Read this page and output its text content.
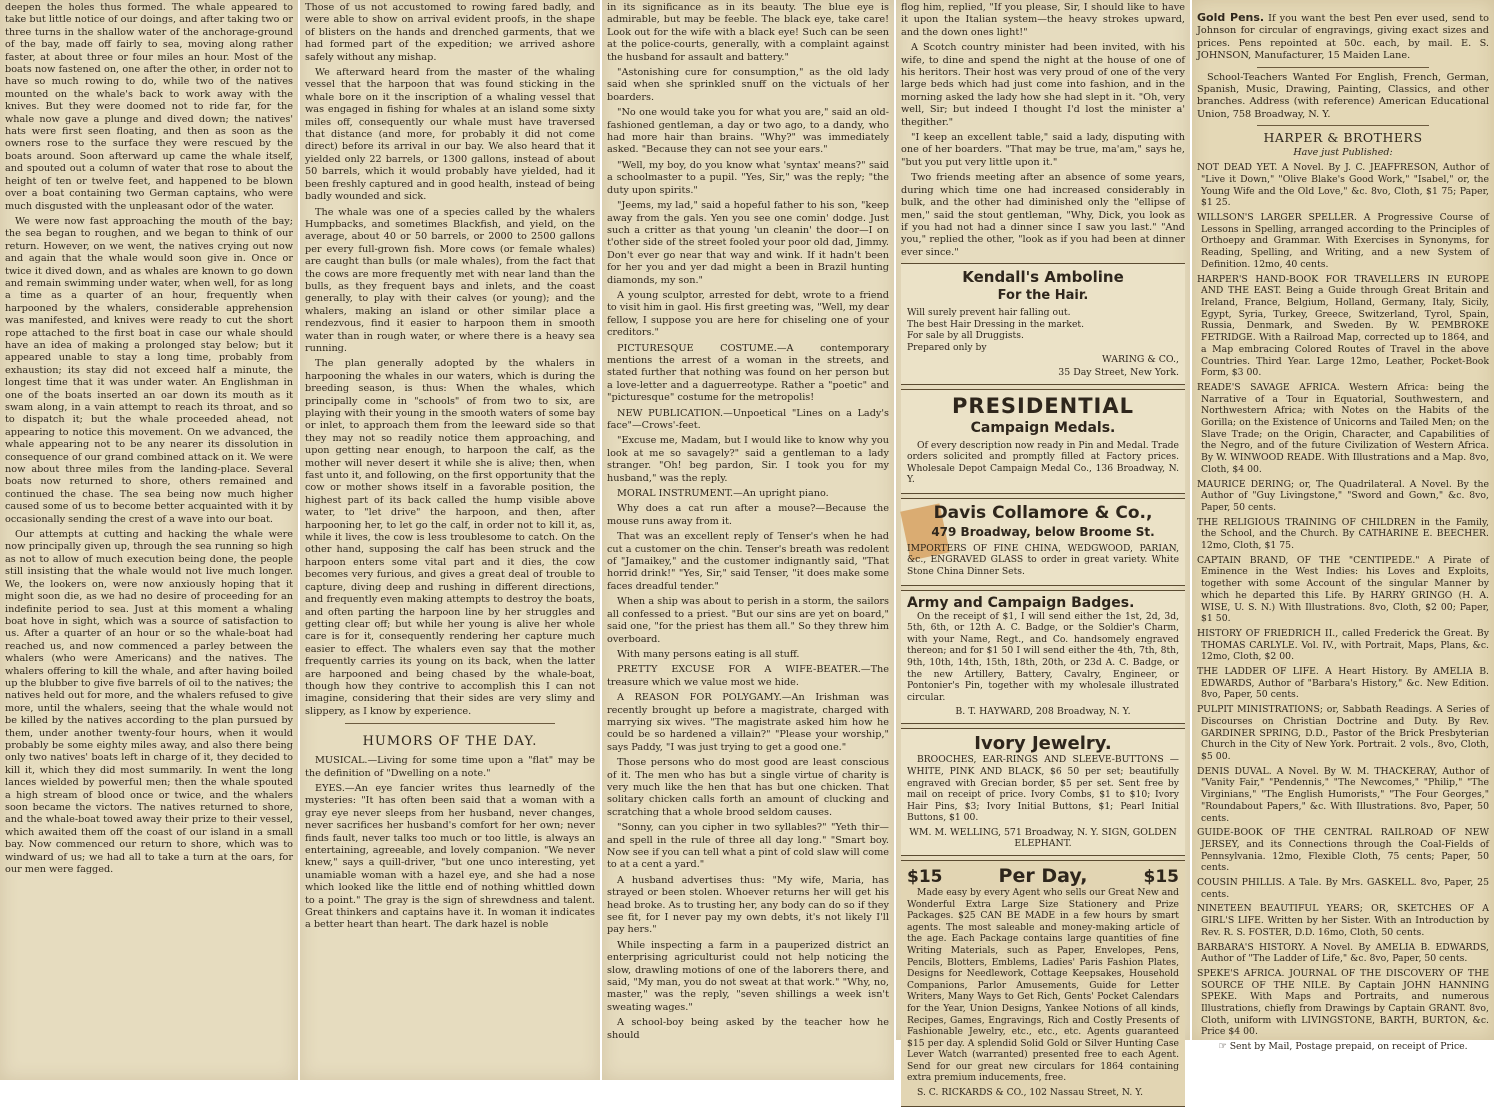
deepen the holes thus formed. The whale appeared to take but little notice of our doings, and after taking two or three turns in the shallow water of the anchorage-ground of the bay, made off fairly to sea, moving along rather faster, at about three or four miles an hour. Most of the boats now fastened on, one after the other, in order not to have so much rowing to do, while two of the natives mounted on the whale's back to work away with the knives. But they were doomed not to ride far, for the whale now gave a plunge and dived down; the natives' hats were first seen floating, and then as soon as the owners rose to the surface they were rescued by the boats around. Soon afterward up came the whale itself, and spouted out a column of water that rose to about the height of ten or twelve feet, and happened to be blown over a boat containing two German captains, who were much disgusted with the unpleasant odor of the water.

We were now fast approaching the mouth of the bay; the sea began to roughen, and we began to think of our return. However, on we went, the natives crying out now and again that the whale would soon give in. Once or twice it dived down, and as whales are known to go down and remain swimming under water, when well, for as long a time as a quarter of an hour, frequently when harpooned by the whalers, considerable apprehension was manifested, and knives were ready to cut the short rope attached to the first boat in case our whale should have an idea of making a prolonged stay below; but it appeared unable to stay a long time, probably from exhaustion; its stay did not exceed half a minute, the longest time that it was under water. An Englishman in one of the boats inserted an oar down its mouth as it swam along, in a vain attempt to reach its throat, and so to dispatch it; but the whale proceeded ahead, not appearing to notice this movement. On we advanced, the whale appearing not to be any nearer its dissolution in consequence of our grand combined attack on it. We were now about three miles from the landing-place. Several boats now returned to shore, others remained and continued the chase. The sea being now much higher caused some of us to become better acquainted with it by occasionally sending the crest of a wave into our boat.

Our attempts at cutting and hacking the whale were now principally given up, through the sea running so high as not to allow of much execution being done, the people still insisting that the whale would not live much longer. We, the lookers on, were now anxiously hoping that it might soon die, as we had no desire of proceeding for an indefinite period to sea. Just at this moment a whaling boat hove in sight, which was a source of satisfaction to us. After a quarter of an hour or so the whale-boat had reached us, and now commenced a parley between the whalers (who were Americans) and the natives. The whalers offering to kill the whale, and after having boiled up the blubber to give five barrels of oil to the natives; the natives held out for more, and the whalers refused to give more, until the whalers, seeing that the whale would not be killed by the natives according to the plan pursued by them, under another twenty-four hours, when it would probably be some eighty miles away, and also there being only two natives' boats left in charge of it, they decided to kill it, which they did most summarily. In went the long lances wielded by powerful men; then the whale spouted a high stream of blood once or twice, and the whalers soon became the victors. The natives returned to shore, and the whale-boat towed away their prize to their vessel, which awaited them off the coast of our island in a small bay. Now commenced our return to shore, which was to windward of us; we had all to take a turn at the oars, for our men were fagged.

Those of us not accustomed to rowing fared badly, and were able to show on arrival evident proofs, in the shape of blisters on the hands and drenched garments, that we had formed part of the expedition; we arrived ashore safely without any mishap.

We afterward heard from the master of the whaling vessel that the harpoon that was found sticking in the whale bore on it the inscription of a whaling vessel that was engaged in fishing for whales at an island some sixty miles off, consequently our whale must have traversed that distance (and more, for probably it did not come direct) before its arrival in our bay. We also heard that it yielded only 22 barrels, or 1300 gallons, instead of about 50 barrels, which it would probably have yielded, had it been freshly captured and in good health, instead of being badly wounded and sick.

The whale was one of a species called by the whalers Humpbacks, and sometimes Blackfish, and yield, on the average, about 40 or 50 barrels, or 2000 to 2500 gallons per every full-grown fish. More cows (or female whales) are caught than bulls (or male whales), from the fact that the cows are more frequently met with near land than the bulls, as they frequent bays and inlets, and the coast generally, to play with their calves (or young); and the whalers, making an island or other similar place a rendezvous, find it easier to harpoon them in smooth water than in rough water, or where there is a heavy sea running.

The plan generally adopted by the whalers in harpooning the whales in our waters, which is during the breeding season, is thus: When the whales, which principally come in "schools" of from two to six, are playing with their young in the smooth waters of some bay or inlet, to approach them from the leeward side so that they may not so readily notice them approaching, and upon getting near enough, to harpoon the calf, as the mother will never desert it while she is alive; then, when fast unto it, and following, on the first opportunity that the cow or mother shows itself in a favorable position, the highest part of its back called the hump visible above water, to "let drive" the harpoon, and then, after harpooning her, to let go the calf, in order not to kill it, as, while it lives, the cow is less troublesome to catch. On the other hand, supposing the calf has been struck and the harpoon enters some vital part and it dies, the cow becomes very furious, and gives a great deal of trouble to capture, diving deep and rushing in different directions, and frequently even making attempts to destroy the boats, and often parting the harpoon line by her struggles and getting clear off; but while her young is alive her whole care is for it, consequently rendering her capture much easier to effect. The whalers even say that the mother frequently carries its young on its back, when the latter are harpooned and being chased by the whale-boat, though how they contrive to accomplish this I can not imagine, considering that their sides are very slimy and slippery, as I know by experience.

HUMORS OF THE DAY.

MUSICAL.—Living for some time upon a "flat" may be the definition of "Dwelling on a note."

EYES.—An eye fancier writes thus learnedly of the mysteries: "It has often been said that a woman with a gray eye never sleeps from her husband, never changes, never sacrifices her husband's comfort for her own; never finds fault, never talks too much or too little, is always an entertaining, agreeable, and lovely companion. "We never knew," says a quill-driver, "but one unco interesting, yet unamiable woman with a hazel eye, and she had a nose which looked like the little end of nothing whittled down to a point." The gray is the sign of shrewdness and talent. Great thinkers and captains have it. In woman it indicates a better heart than heart. The dark hazel is noble

in its significance as in its beauty. The blue eye is admirable, but may be feeble. The black eye, take care! Look out for the wife with a black eye! Such can be seen at the police-courts, generally, with a complaint against the husband for assault and battery."

"Astonishing cure for consumption," as the old lady said when she sprinkled snuff on the victuals of her boarders.

"No one would take you for what you are," said an old-fashioned gentleman, a day or two ago, to a dandy, who had more hair than brains. "Why?" was immediately asked. "Because they can not see your ears."

"Well, my boy, do you know what 'syntax' means?" said a schoolmaster to a pupil. "Yes, Sir," was the reply; "the duty upon spirits."

"Jeems, my lad," said a hopeful father to his son, "keep away from the gals. Yen you see one comin' dodge. Just such a critter as that young 'un cleanin' the door—I on t'other side of the street fooled your poor old dad, Jimmy. Don't ever go near that way and wink. If it hadn't been for her you and yer dad might a been in Brazil hunting diamonds, my son."

A young sculptor, arrested for debt, wrote to a friend to visit him in gaol. His first greeting was, "Well, my dear fellow, I suppose you are here for chiseling one of your creditors."

PICTURESQUE COSTUME.—A contemporary mentions the arrest of a woman in the streets, and stated further that nothing was found on her person but a love-letter and a daguerreotype. Rather a "poetic" and "picturesque" costume for the metropolis!

NEW PUBLICATION.—Unpoetical "Lines on a Lady's face"—Crows'-feet.

"Excuse me, Madam, but I would like to know why you look at me so savagely?" said a gentleman to a lady stranger. "Oh! beg pardon, Sir. I took you for my husband," was the reply.

MORAL INSTRUMENT.—An upright piano.

Why does a cat run after a mouse?—Because the mouse runs away from it.

That was an excellent reply of Tenser's when he had cut a customer on the chin. Tenser's breath was redolent of "Jamaikey," and the customer indignantly said, "That horrid drink!" "Yes, Sir," said Tenser, "it does make some faces dreadful tender."

When a ship was about to perish in a storm, the sailors all confessed to a priest. "But our sins are yet on board," said one, "for the priest has them all." So they threw him overboard.

With many persons eating is all stuff.

PRETTY EXCUSE FOR A WIFE-BEATER.—The treasure which we value most we hide.

A REASON FOR POLYGAMY.—An Irishman was recently brought up before a magistrate, charged with marrying six wives. "The magistrate asked him how he could be so hardened a villain?" "Please your worship," says Paddy, "I was just trying to get a good one."

Those persons who do most good are least conscious of it. The men who has but a single virtue of charity is very much like the hen that has but one chicken. That solitary chicken calls forth an amount of clucking and scratching that a whole brood seldom causes.

"Sonny, can you cipher in two syllables?" "Yeth thir—and spell in the rule of three all day long." "Smart boy. Now see if you can tell what a pint of cold slaw will come to at a cent a yard."

A husband advertises thus: "My wife, Maria, has strayed or been stolen. Whoever returns her will get his head broke. As to trusting her, any body can do so if they see fit, for I never pay my own debts, it's not likely I'll pay hers."

While inspecting a farm in a pauperized district an enterprising agriculturist could not help noticing the slow, drawling motions of one of the laborers there, and said, "My man, you do not sweat at that work." "Why, no, master," was the reply, "seven shillings a week isn't sweating wages."

A school-boy being asked by the teacher how he should

flog him, replied, "If you please, Sir, I should like to have it upon the Italian system—the heavy strokes upward, and the down ones light!"

A Scotch country minister had been invited, with his wife, to dine and spend the night at the house of one of his heritors. Their host was very proud of one of the very large beds which had just come into fashion, and in the morning asked the lady how she had slept in it. "Oh, very well, Sir; but indeed I thought I'd lost the minister a' thegither."

"I keep an excellent table," said a lady, disputing with one of her boarders. "That may be true, ma'am," says he, "but you put very little upon it."

Two friends meeting after an absence of some years, during which time one had increased considerably in bulk, and the other had diminished only the "ellipse of men," said the stout gentleman, "Why, Dick, you look as if you had not had a dinner since I saw you last." "And you," replied the other, "look as if you had been at dinner ever since."

Kendall's Amboline
For the Hair.

Will surely prevent hair falling out.

The best Hair Dressing in the market.

For sale by all Druggists.

Prepared only by

WARING & CO.,
35 Day Street, New York.
PRESIDENTIAL
Campaign Medals.

Of every description now ready in Pin and Medal. Trade orders solicited and promptly filled at Factory prices. Wholesale Depot Campaign Medal Co., 136 Broadway, N. Y.

Davis Collamore & Co.,
479 Broadway, below Broome St.

IMPORTERS OF FINE CHINA, WEDGWOOD, PARIAN, &c., ENGRAVED GLASS to order in great variety. White Stone China Dinner Sets.

Army and Campaign Badges.

On the receipt of $1, I will send either the 1st, 2d, 3d, 5th, 6th, or 12th A. C. Badge, or the Soldier's Charm, with your Name, Regt., and Co. handsomely engraved thereon; and for $1 50 I will send either the 4th, 7th, 8th, 9th, 10th, 14th, 15th, 18th, 20th, or 23d A. C. Badge, or the new Artillery, Battery, Cavalry, Engineer, or Pontonier's Pin, together with my wholesale illustrated circular.

B. T. HAYWARD, 208 Broadway, N. Y.
Ivory Jewelry.

BROOCHES, EAR-RINGS AND SLEEVE-BUTTONS —WHITE, PINK AND BLACK, $6 50 per set; beautifully engraved with Grecian border, $5 per set. Sent free by mail on receipt of price. Ivory Combs, $1 to $10; Ivory Hair Pins, $3; Ivory Initial Buttons, $1; Pearl Initial Buttons, $1 00.

WM. M. WELLING, 571 Broadway, N. Y. SIGN, GOLDEN ELEPHANT.
$15	Per Day,	$15

Made easy by every Agent who sells our Great New and Wonderful Extra Large Size Stationery and Prize Packages. $25 CAN BE MADE in a few hours by smart agents. The most saleable and money-making article of the age. Each Package contains large quantities of fine Writing Materials, such as Paper, Envelopes, Pens, Pencils, Blotters, Emblems, Ladies' Paris Fashion Plates, Designs for Needlework, Cottage Keepsakes, Household Companions, Parlor Amusements, Guide for Letter Writers, Many Ways to Get Rich, Gents' Pocket Calendars for the Year, Union Designs, Yankee Notions of all kinds, Recipes, Games, Engravings, Rich and Costly Presents of Fashionable Jewelry, etc., etc., etc. Agents guaranteed $15 per day. A splendid Solid Gold or Silver Hunting Case Lever Watch (warranted) presented free to each Agent. Send for our great new circulars for 1864 containing extra premium inducements, free.

S. C. RICKARDS & CO., 102 Nassau Street, N. Y.

Gold Pens. If you want the best Pen ever used, send to Johnson for circular of engravings, giving exact sizes and prices. Pens repointed at 50c. each, by mail. E. S. JOHNSON, Manufacturer, 15 Maiden Lane.

School-Teachers Wanted For English, French, German, Spanish, Music, Drawing, Painting, Classics, and other branches. Address (with reference) American Educational Union, 758 Broadway, N. Y.

HARPER & BROTHERS
Have just Published:
NOT DEAD YET. A Novel. By J. C. JEAFFRESON, Author of "Live it Down," "Olive Blake's Good Work," "Isabel," or, the Young Wife and the Old Love," &c. 8vo, Cloth, $1 75; Paper, $1 25.
WILLSON'S LARGER SPELLER. A Progressive Course of Lessons in Spelling, arranged according to the Principles of Orthoepy and Grammar. With Exercises in Synonyms, for Reading, Spelling, and Writing, and a new System of Definition. 12mo, 40 cents.
HARPER'S HAND-BOOK FOR TRAVELLERS IN EUROPE AND THE EAST. Being a Guide through Great Britain and Ireland, France, Belgium, Holland, Germany, Italy, Sicily, Egypt, Syria, Turkey, Greece, Switzerland, Tyrol, Spain, Russia, Denmark, and Sweden. By W. PEMBROKE FETRIDGE. With a Railroad Map, corrected up to 1864, and a Map embracing Colored Routes of Travel in the above Countries. Third Year. Large 12mo, Leather, Pocket-Book Form, $3 00.
READE'S SAVAGE AFRICA. Western Africa: being the Narrative of a Tour in Equatorial, Southwestern, and Northwestern Africa; with Notes on the Habits of the Gorilla; on the Existence of Unicorns and Tailed Men; on the Slave Trade; on the Origin, Character, and Capabilities of the Negro, and of the future Civilization of Western Africa. By W. WINWOOD READE. With Illustrations and a Map. 8vo, Cloth, $4 00.
MAURICE DERING; or, The Quadrilateral. A Novel. By the Author of "Guy Livingstone," "Sword and Gown," &c. 8vo, Paper, 50 cents.
THE RELIGIOUS TRAINING OF CHILDREN in the Family, the School, and the Church. By CATHARINE E. BEECHER. 12mo, Cloth, $1 75.
CAPTAIN BRAND, OF THE "CENTIPEDE." A Pirate of Eminence in the West Indies: his Loves and Exploits, together with some Account of the singular Manner by which he departed this Life. By HARRY GRINGO (H. A. WISE, U. S. N.) With Illustrations. 8vo, Cloth, $2 00; Paper, $1 50.
HISTORY OF FRIEDRICH II., called Frederick the Great. By THOMAS CARLYLE. Vol. IV., with Portrait, Maps, Plans, &c. 12mo, Cloth, $2 00.
THE LADDER OF LIFE. A Heart History. By AMELIA B. EDWARDS, Author of "Barbara's History," &c. New Edition. 8vo, Paper, 50 cents.
PULPIT MINISTRATIONS; or, Sabbath Readings. A Series of Discourses on Christian Doctrine and Duty. By Rev. GARDINER SPRING, D.D., Pastor of the Brick Presbyterian Church in the City of New York. Portrait. 2 vols., 8vo, Cloth, $5 00.
DENIS DUVAL. A Novel. By W. M. THACKERAY, Author of "Vanity Fair," "Pendennis," "The Newcomes," "Philip," "The Virginians," "The English Humorists," "The Four Georges," "Roundabout Papers," &c. With Illustrations. 8vo, Paper, 50 cents.
GUIDE-BOOK OF THE CENTRAL RAILROAD OF NEW JERSEY, and its Connections through the Coal-Fields of Pennsylvania. 12mo, Flexible Cloth, 75 cents; Paper, 50 cents.
COUSIN PHILLIS. A Tale. By Mrs. GASKELL. 8vo, Paper, 25 cents.
NINETEEN BEAUTIFUL YEARS; OR, SKETCHES OF A GIRL'S LIFE. Written by her Sister. With an Introduction by Rev. R. S. FOSTER, D.D. 16mo, Cloth, 50 cents.
BARBARA'S HISTORY. A Novel. By AMELIA B. EDWARDS, Author of "The Ladder of Life," &c. 8vo, Paper, 50 cents.
SPEKE'S AFRICA. JOURNAL OF THE DISCOVERY OF THE SOURCE OF THE NILE. By Captain JOHN HANNING SPEKE. With Maps and Portraits, and numerous Illustrations, chiefly from Drawings by Captain GRANT. 8vo, Cloth, uniform with LIVINGSTONE, BARTH, BURTON, &c. Price $4 00.
☞ Sent by Mail, Postage prepaid, on receipt of Price.
